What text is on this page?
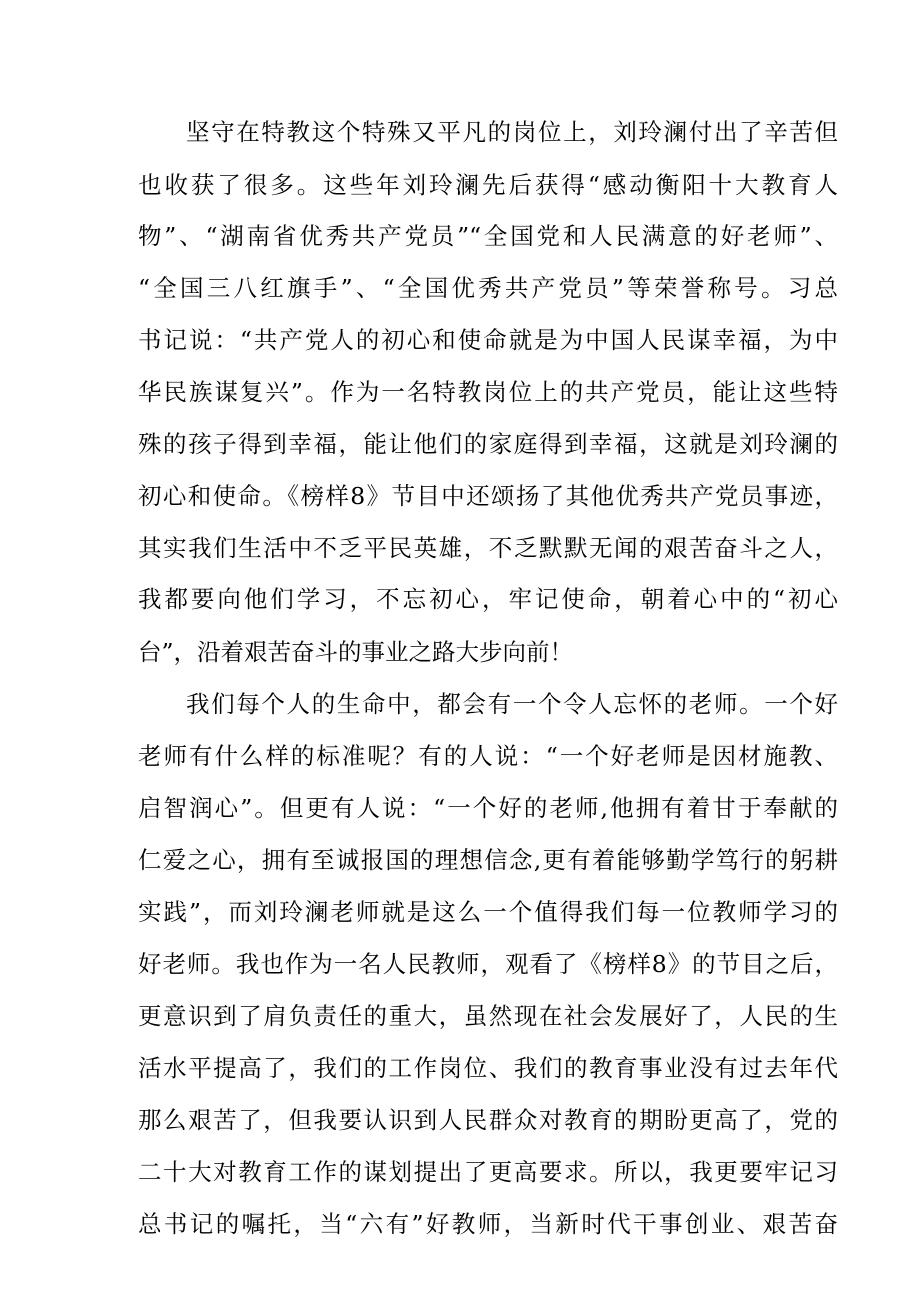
坚守在特教这个特殊又平凡的岗位上，刘玲澜付出了辛苦但
也收获了很多。这些年刘玲澜先后获得“感动衡阳十大教育人
物”、“湖南省优秀共产党员”“全国党和人民满意的好老师”、
“全国三八红旗手”、“全国优秀共产党员”等荣誉称号。习总
书记说：“共产党人的初心和使命就是为中国人民谋幸福，为中
华民族谋复兴”。作为一名特教岗位上的共产党员，能让这些特
殊的孩子得到幸福，能让他们的家庭得到幸福，这就是刘玲澜的
初心和使命。《榜样8》节目中还颂扬了其他优秀共产党员事迹，
其实我们生活中不乏平民英雄，不乏默默无闻的艰苦奋斗之人，
我都要向他们学习，不忘初心，牢记使命，朝着心中的“初心
台”，沿着艰苦奋斗的事业之路大步向前！
我们每个人的生命中，都会有一个令人忘怀的老师。一个好
老师有什么样的标准呢？有的人说：“一个好老师是因材施教、
启智润心”。但更有人说：“一个好的老师,他拥有着甘于奉献的
仁爱之心，拥有至诚报国的理想信念,更有着能够勤学笃行的躬耕
实践”，而刘玲澜老师就是这么一个值得我们每一位教师学习的
好老师。我也作为一名人民教师，观看了《榜样8》的节目之后，
更意识到了肩负责任的重大，虽然现在社会发展好了，人民的生
活水平提高了，我们的工作岗位、我们的教育事业没有过去年代
那么艰苦了，但我要认识到人民群众对教育的期盼更高了，党的
二十大对教育工作的谋划提出了更高要求。所以，我更要牢记习
总书记的嘱托，当“六有”好教师，当新时代干事创业、艰苦奋
